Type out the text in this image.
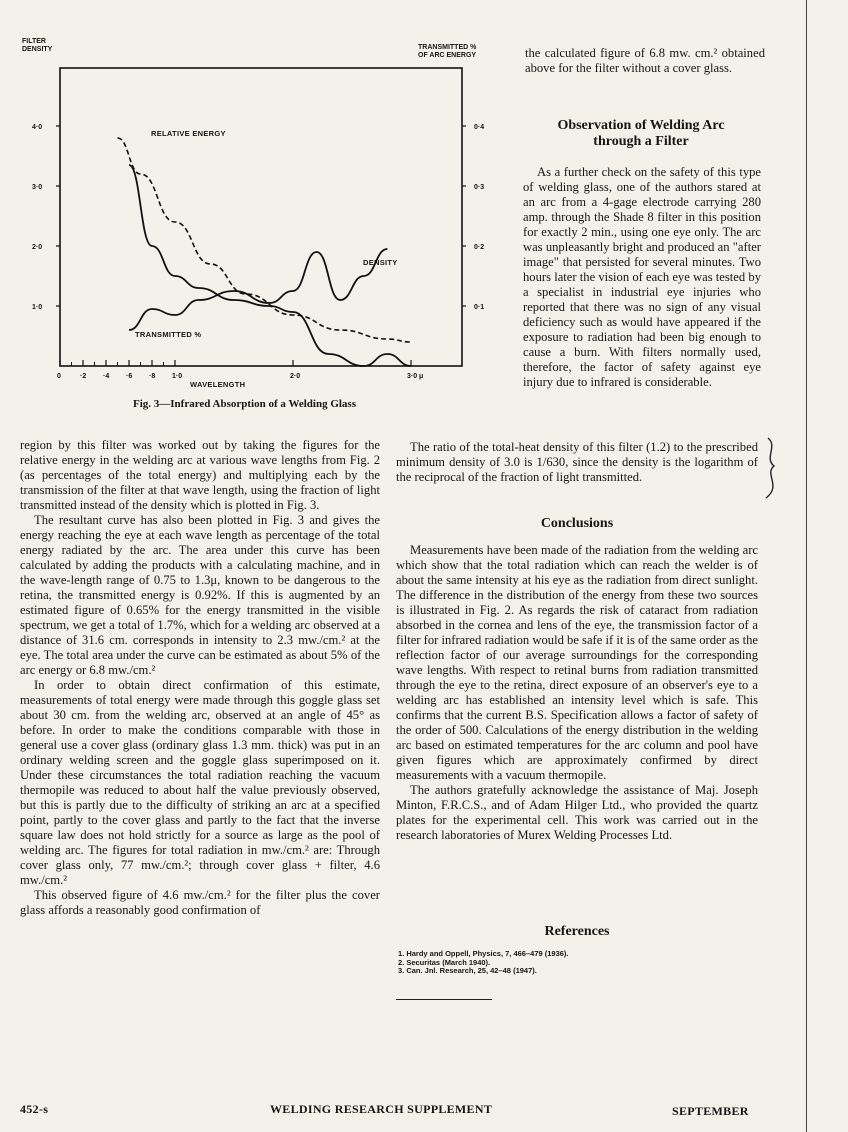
FILTER
DENSITY	TRANSMITTED %
OF ARC ENERGY
4·0
3·0
2·0
1·0
0·4
0·3
0·2
0·1
0	·2 ·4 ·6 ·8 1·0	2·0	3·0 μ
RELATIVE ENERGY
DENSITY
TRANSMITTED %
WAVELENGTH
Fig. 3—Infrared Absorption of a Welding Glass
the calculated figure of 6.8 mw. cm.² obtained above for the filter without a cover glass.
Observation of Welding Arc through a Filter
As a further check on the safety of this type of welding glass, one of the authors stared at an arc from a 4-gage electrode carrying 280 amp. through the Shade 8 filter in this position for exactly 2 min., using one eye only. The arc was unpleasantly bright and produced an "after image" that persisted for several minutes. Two hours later the vision of each eye was tested by a specialist in industrial eye injuries who reported that there was no sign of any visual deficiency such as would have appeared if the exposure to radiation had been big enough to cause a burn. With filters normally used, therefore, the factor of safety against eye injury due to infrared is considerable.
The ratio of the total-heat density of this filter (1.2) to the prescribed minimum density of 3.0 is 1/630, since the density is the logarithm of the reciprocal of the fraction of light transmitted.

region by this filter was worked out by taking the figures for the relative energy in the welding arc at various wave lengths from Fig. 2 (as percentages of the total energy) and multiplying each by the transmission of the filter at that wave length, using the fraction of light transmitted instead of the density which is plotted in Fig. 3.

The resultant curve has also been plotted in Fig. 3 and gives the energy reaching the eye at each wave length as percentage of the total energy radiated by the arc. The area under this curve has been calculated by adding the products with a calculating machine, and in the wave-length range of 0.75 to 1.3μ, known to be dangerous to the retina, the transmitted energy is 0.92%. If this is augmented by an estimated figure of 0.65% for the energy transmitted in the visible spectrum, we get a total of 1.7%, which for a welding arc observed at a distance of 31.6 cm. corresponds in intensity to 2.3 mw./cm.² at the eye. The total area under the curve can be estimated as about 5% of the arc energy or 6.8 mw./cm.²

In order to obtain direct confirmation of this estimate, measurements of total energy were made through this goggle glass set about 30 cm. from the welding arc, observed at an angle of 45° as before. In order to make the conditions comparable with those in general use a cover glass (ordinary glass 1.3 mm. thick) was put in an ordinary welding screen and the goggle glass superimposed on it. Under these circumstances the total radiation reaching the vacuum thermopile was reduced to about half the value previously observed, but this is partly due to the difficulty of striking an arc at a specified point, partly to the cover glass and partly to the fact that the inverse square law does not hold strictly for a source as large as the pool of welding arc. The figures for total radiation in mw./cm.² are: Through cover glass only, 77 mw./cm.²; through cover glass + filter, 4.6 mw./cm.²

This observed figure of 4.6 mw./cm.² for the filter plus the cover glass affords a reasonably good confirmation of

Conclusions

Measurements have been made of the radiation from the welding arc which show that the total radiation which can reach the welder is of about the same intensity at his eye as the radiation from direct sunlight. The difference in the distribution of the energy from these two sources is illustrated in Fig. 2. As regards the risk of cataract from radiation absorbed in the cornea and lens of the eye, the transmission factor of a filter for infrared radiation would be safe if it is of the same order as the reflection factor of our average surroundings for the corresponding wave lengths. With respect to retinal burns from radiation transmitted through the eye to the retina, direct exposure of an observer's eye to a welding arc has established an intensity level which is safe. This confirms that the current B.S. Specification allows a factor of safety of the order of 500. Calculations of the energy distribution in the welding arc based on estimated temperatures for the arc column and pool have given figures which are approximately confirmed by direct measurements with a vacuum thermopile.

The authors gratefully acknowledge the assistance of Maj. Joseph Minton, F.R.C.S., and of Adam Hilger Ltd., who provided the quartz plates for the experimental cell. This work was carried out in the research laboratories of Murex Welding Processes Ltd.

References
1. Hardy and Oppell, Physics, 7, 466–479 (1936).
2. Securitas (March 1940).
3. Can. Jnl. Research, 25, 42–48 (1947).
452-s	WELDING RESEARCH SUPPLEMENT	SEPTEMBER
